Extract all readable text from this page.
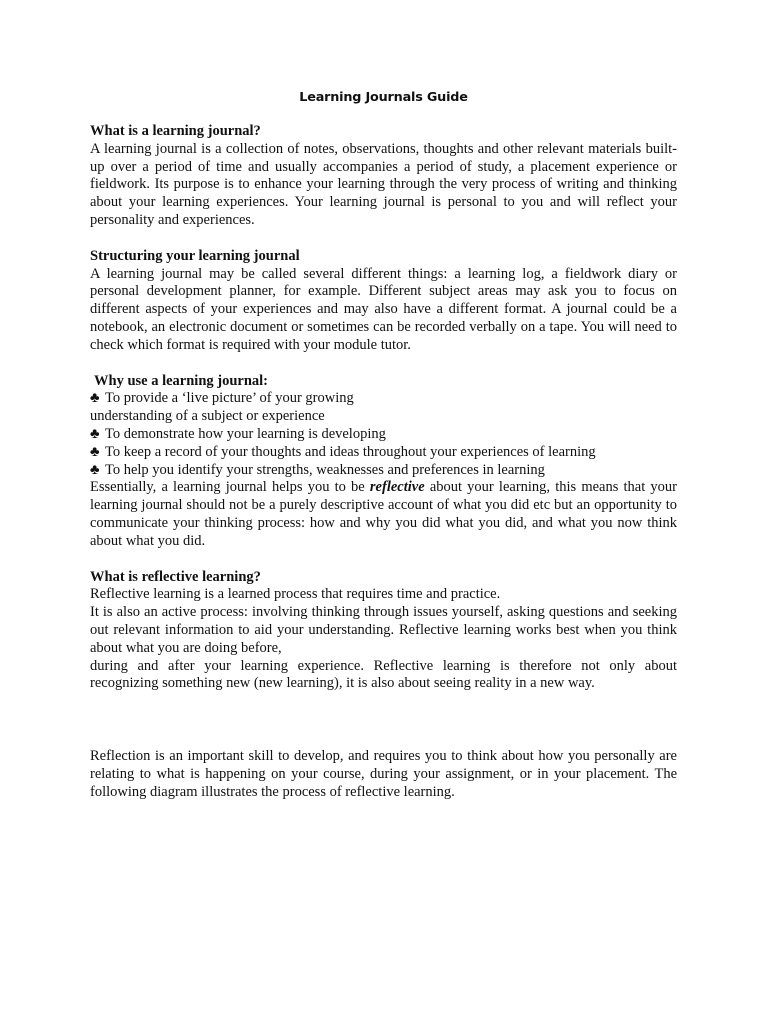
Learning Journals Guide

What is a learning journal?

A learning journal is a collection of notes, observations, thoughts and other relevant materials built-up over a period of time and usually accompanies a period of study, a placement experience or fieldwork. Its purpose is to enhance your learning through the very process of writing and thinking about your learning experiences. Your learning journal is personal to you and will reflect your personality and experiences.

Structuring your learning journal

A learning journal may be called several different things: a learning log, a fieldwork diary or personal development planner, for example. Different subject areas may ask you to focus on different aspects of your experiences and may also have a different format. A journal could be a notebook, an electronic document or sometimes can be recorded verbally on a tape. You will need to check which format is required with your module tutor.

Why use a learning journal:

♣ To provide a ‘live picture’ of your growing

understanding of a subject or experience

♣ To demonstrate how your learning is developing

♣ To keep a record of your thoughts and ideas throughout your experiences of learning

♣ To help you identify your strengths, weaknesses and preferences in learning

Essentially, a learning journal helps you to be reflective about your learning, this means that your learning journal should not be a purely descriptive account of what you did etc but an opportunity to communicate your thinking process: how and why you did what you did, and what you now think about what you did.

What is reflective learning?

Reflective learning is a learned process that requires time and practice.

It is also an active process: involving thinking through issues yourself, asking questions and seeking out relevant information to aid your understanding. Reflective learning works best when you think about what you are doing before,

during and after your learning experience. Reflective learning is therefore not only about recognizing something new (new learning), it is also about seeing reality in a new way.

Reflection is an important skill to develop, and requires you to think about how you personally are relating to what is happening on your course, during your assignment, or in your placement. The following diagram illustrates the process of reflective learning.
